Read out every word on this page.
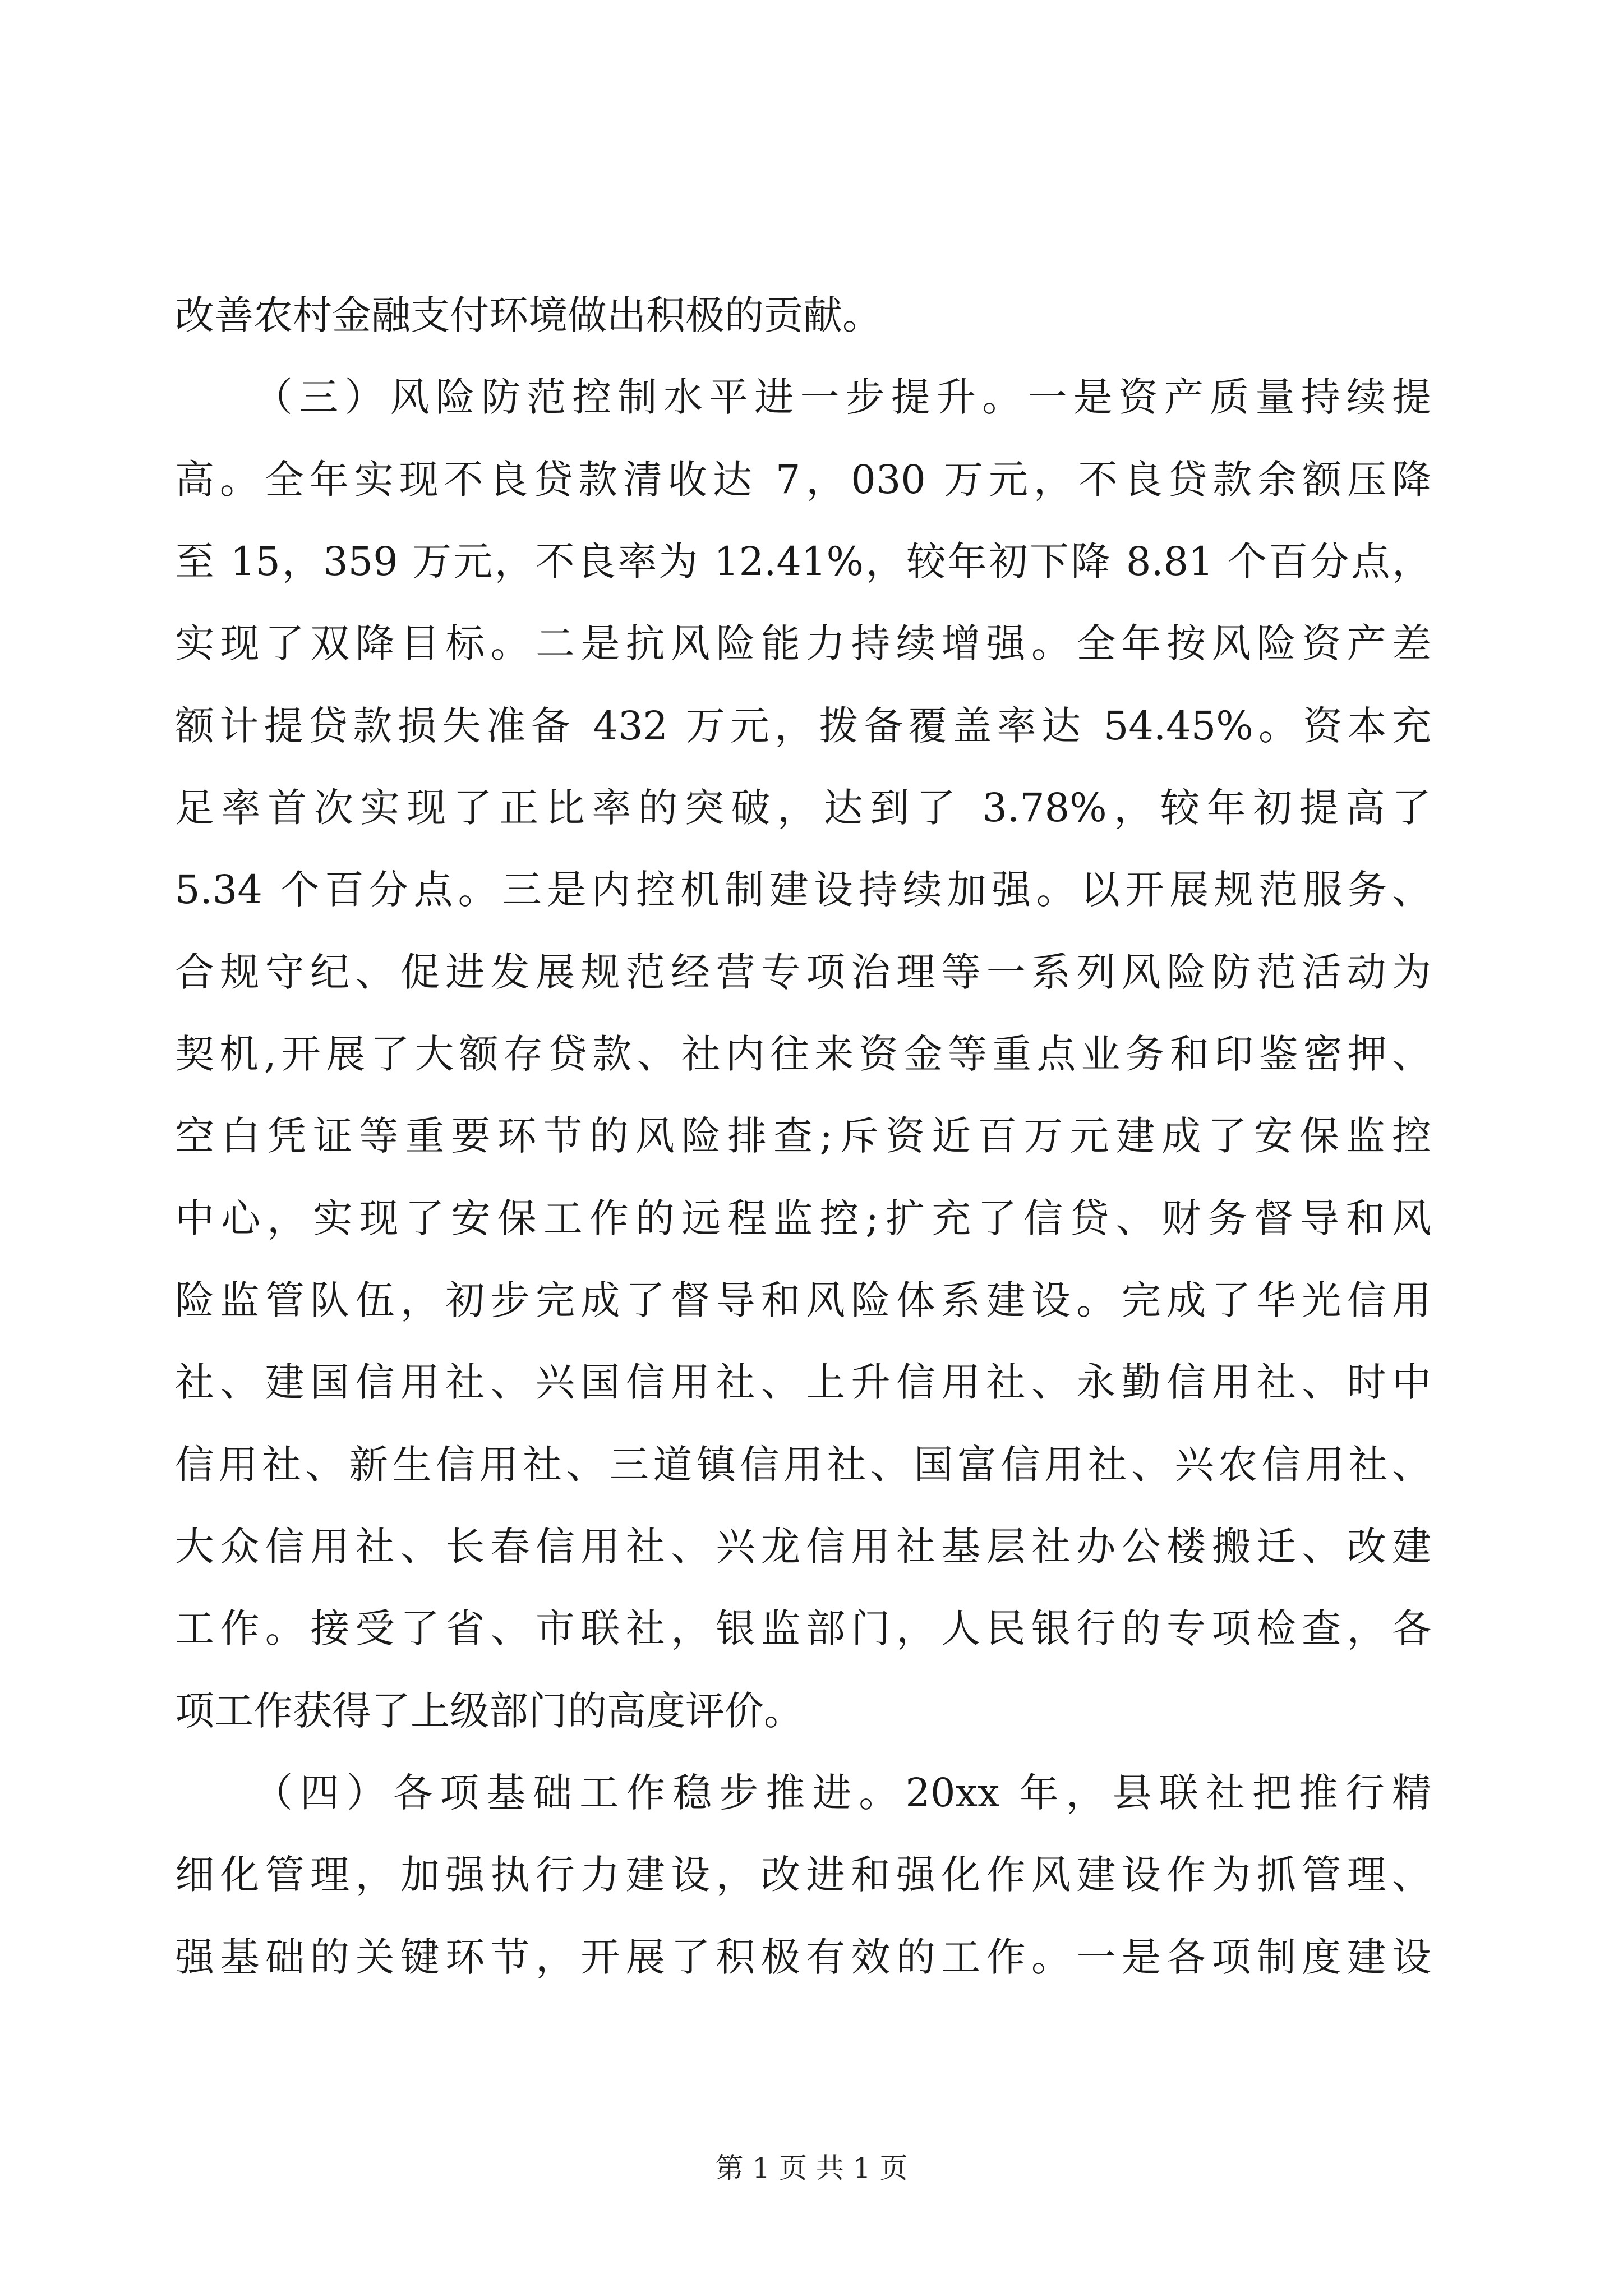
改善农村金融支付环境做出积极的贡献。
（三）风险防范控制水平进一步提升。一是资产质量持续提
高。全年实现不良贷款清收达 7，030 万元，不良贷款余额压降
至 15，359 万元，不良率为 12.41%，较年初下降 8.81 个百分点，
实现了双降目标。二是抗风险能力持续增强。全年按风险资产差
额计提贷款损失准备 432 万元，拨备覆盖率达 54.45%。资本充
足率首次实现了正比率的突破，达到了 3.78%，较年初提高了
5.34 个百分点。三是内控机制建设持续加强。以开展规范服务、
合规守纪、促进发展规范经营专项治理等一系列风险防范活动为
契机,开展了大额存贷款、社内往来资金等重点业务和印鉴密押、
空白凭证等重要环节的风险排查;斥资近百万元建成了安保监控
中心，实现了安保工作的远程监控;扩充了信贷、财务督导和风
险监管队伍，初步完成了督导和风险体系建设。完成了华光信用
社、建国信用社、兴国信用社、上升信用社、永勤信用社、时中
信用社、新生信用社、三道镇信用社、国富信用社、兴农信用社、
大众信用社、长春信用社、兴龙信用社基层社办公楼搬迁、改建
工作。接受了省、市联社，银监部门，人民银行的专项检查，各
项工作获得了上级部门的高度评价。
（四）各项基础工作稳步推进。20xx 年，县联社把推行精
细化管理，加强执行力建设，改进和强化作风建设作为抓管理、
强基础的关键环节，开展了积极有效的工作。一是各项制度建设
第 1 页 共 1 页
